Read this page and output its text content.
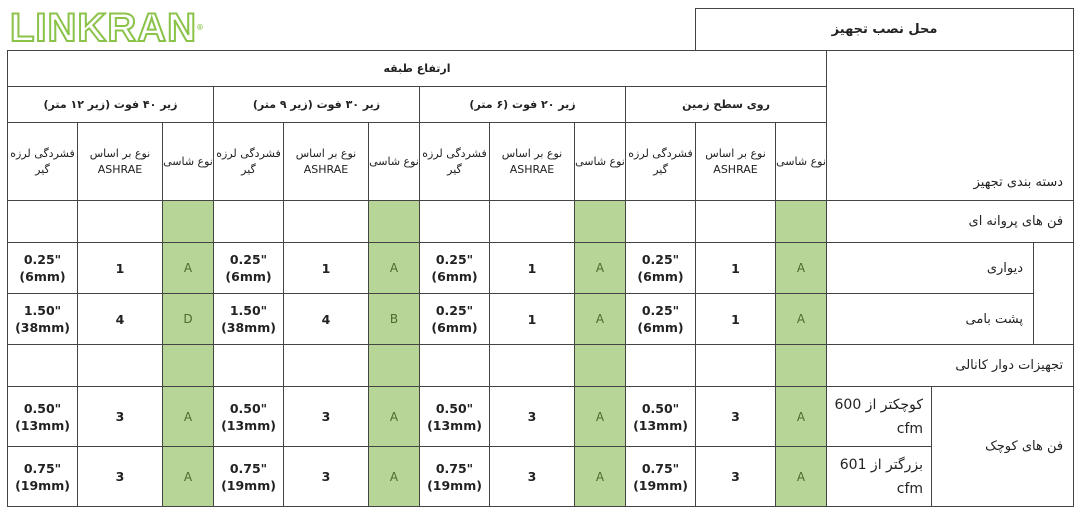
LINKRAN®
										محل نصب تجهیز				
ارتفاع طبقه												دسته بندی تجهیز		
زیر ۴۰ فوت (زیر ۱۲ متر)			زیر ۳۰ فوت (زیر ۹ متر)			زیر ۲۰ فوت (۶ متر)			روی سطح زمین					
فشردگی لرزه گیر	نوع بر اساس ASHRAE	نوع شاسی	فشردگی لرزه گیر	نوع بر اساس ASHRAE	نوع شاسی	فشردگی لرزه گیر	نوع بر اساس ASHRAE	نوع شاسی	فشردگی لرزه گیر	نوع بر اساس ASHRAE	نوع شاسی			
												فن های پروانه ای		
0.25" (6mm)	1	A	0.25" (6mm)	1	A	0.25" (6mm)	1	A	0.25" (6mm)	1	A	دیواری		
1.50" (38mm)	4	D	1.50" (38mm)	4	B	0.25" (6mm)	1	A	0.25" (6mm)	1	A	پشت بامی		
												تجهیزات دوار کانالی		
0.50" (13mm)	3	A	0.50" (13mm)	3	A	0.50" (13mm)	3	A	0.50" (13mm)	3	A	کوچکتر از 600 cfm	فن های کوچک	
0.75" (19mm)	3	A	0.75" (19mm)	3	A	0.75" (19mm)	3	A	0.75" (19mm)	3	A	بزرگتر از 601 cfm		
